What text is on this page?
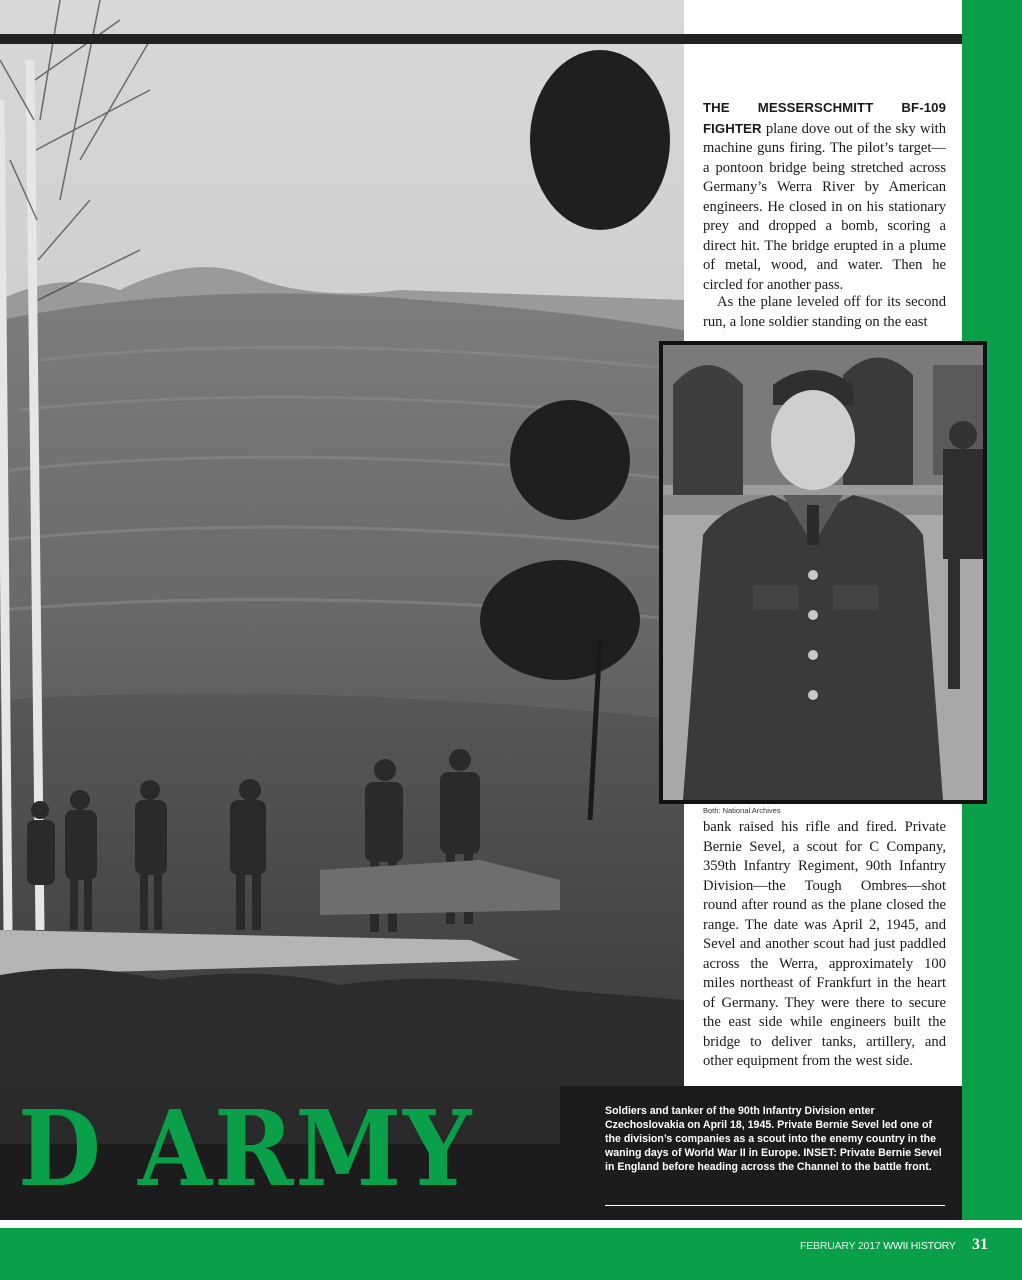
THE MESSERSCHMITT BF-109 FIGHTER plane dove out of the sky with machine guns firing. The pilot’s target—a pontoon bridge being stretched across Germany’s Werra River by American engineers. He closed in on his stationary prey and dropped a bomb, scoring a direct hit. The bridge erupted in a plume of metal, wood, and water. Then he circled for another pass.

As the plane leveled off for its second run, a lone soldier standing on the east

Both: National Archives

bank raised his rifle and fired. Private Bernie Sevel, a scout for C Company, 359th Infantry Regiment, 90th Infantry Division—the Tough Ombres—shot round after round as the plane closed the range. The date was April 2, 1945, and Sevel and another scout had just paddled across the Werra, approximately 100 miles northeast of Frankfurt in the heart of Germany. They were there to secure the east side while engineers built the bridge to deliver tanks, artillery, and other equipment from the west side.

D ARMY	Soldiers and tanker of the 90th Infantry Division enter Czechoslovakia on April 18, 1945. Private Bernie Sevel led one of the division’s companies as a scout into the enemy country in the waning days of World War II in Europe. INSET: Private Bernie Sevel in England before heading across the Channel to the battle front.

FEBRUARY 2017 WWII HISTORY 31
